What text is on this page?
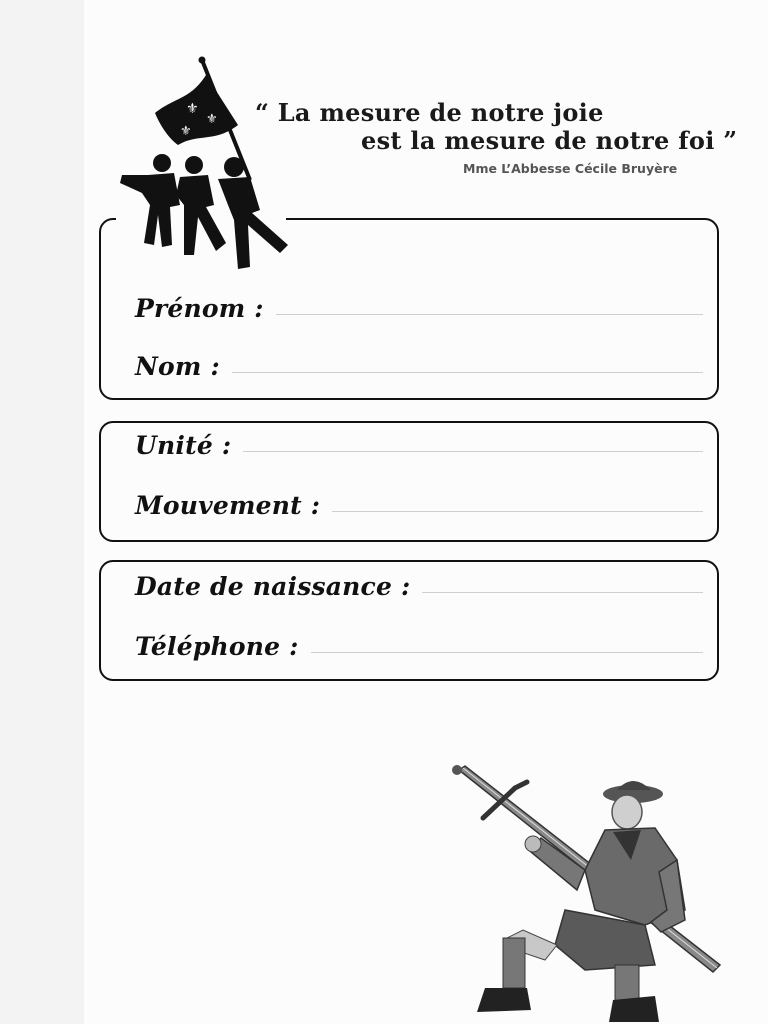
“ La mesure de notre joie
est la mesure de notre foi ”
Mme L’Abbesse Cécile Bruyère
Prénom :
Nom :
⚜
⚜
⚜
Unité :
Mouvement :
Date de naissance :
Téléphone :
